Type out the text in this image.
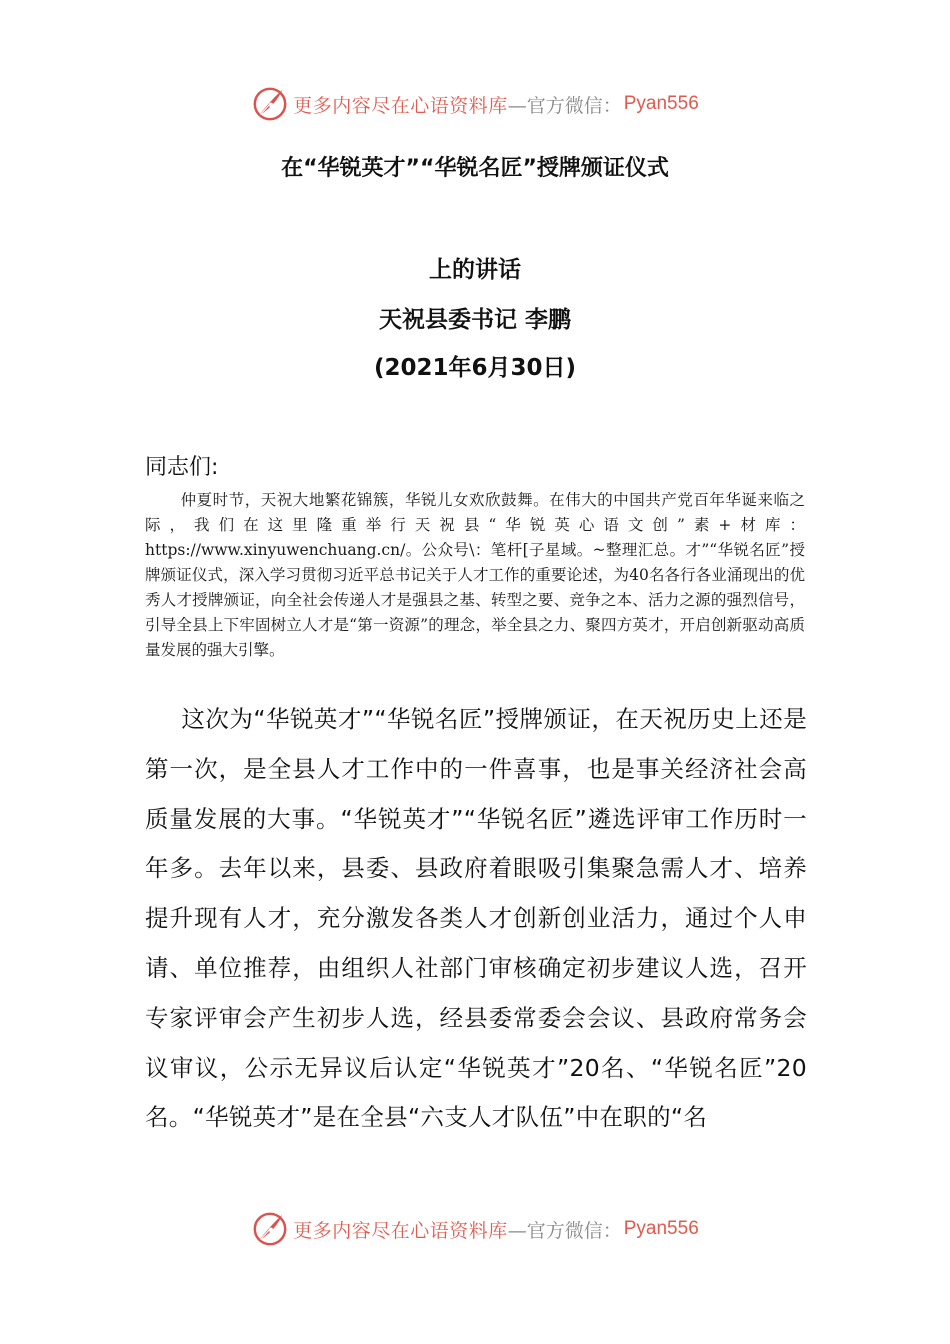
更多内容尽在心语资料库 —官方微信： Pyan556
在“华锐英才”“华锐名匠”授牌颁证仪式
上的讲话
天祝县委书记 李鹏
(2021年6月30日)

同志们:

仲夏时节，天祝大地繁花锦簇，华锐儿女欢欣鼓舞。在伟大的中国共产党百年华诞来临之际，我们在这里隆重举行天祝县“华锐英心语文创”素+材库：https://www.xinyuwenchuang.cn/。公众号\：笔杆[子星域。~整理汇总。才”“华锐名匠”授牌颁证仪式，深入学习贯彻习近平总书记关于人才工作的重要论述，为40名各行各业涌现出的优秀人才授牌颁证，向全社会传递人才是强县之基、转型之要、竞争之本、活力之源的强烈信号，引导全县上下牢固树立人才是“第一资源”的理念，举全县之力、聚四方英才，开启创新驱动高质量发展的强大引擎。

这次为“华锐英才”“华锐名匠”授牌颁证，在天祝历史上还是第一次，是全县人才工作中的一件喜事，也是事关经济社会高质量发展的大事。“华锐英才”“华锐名匠”遴选评审工作历时一年多。去年以来，县委、县政府着眼吸引集聚急需人才、培养提升现有人才，充分激发各类人才创新创业活力，通过个人申请、单位推荐，由组织人社部门审核确定初步建议人选，召开专家评审会产生初步人选，经县委常委会会议、县政府常务会议审议，公示无异议后认定“华锐英才”20名、“华锐名匠”20名。“华锐英才”是在全县“六支人才队伍”中在职的“名

更多内容尽在心语资料库 —官方微信： Pyan556
